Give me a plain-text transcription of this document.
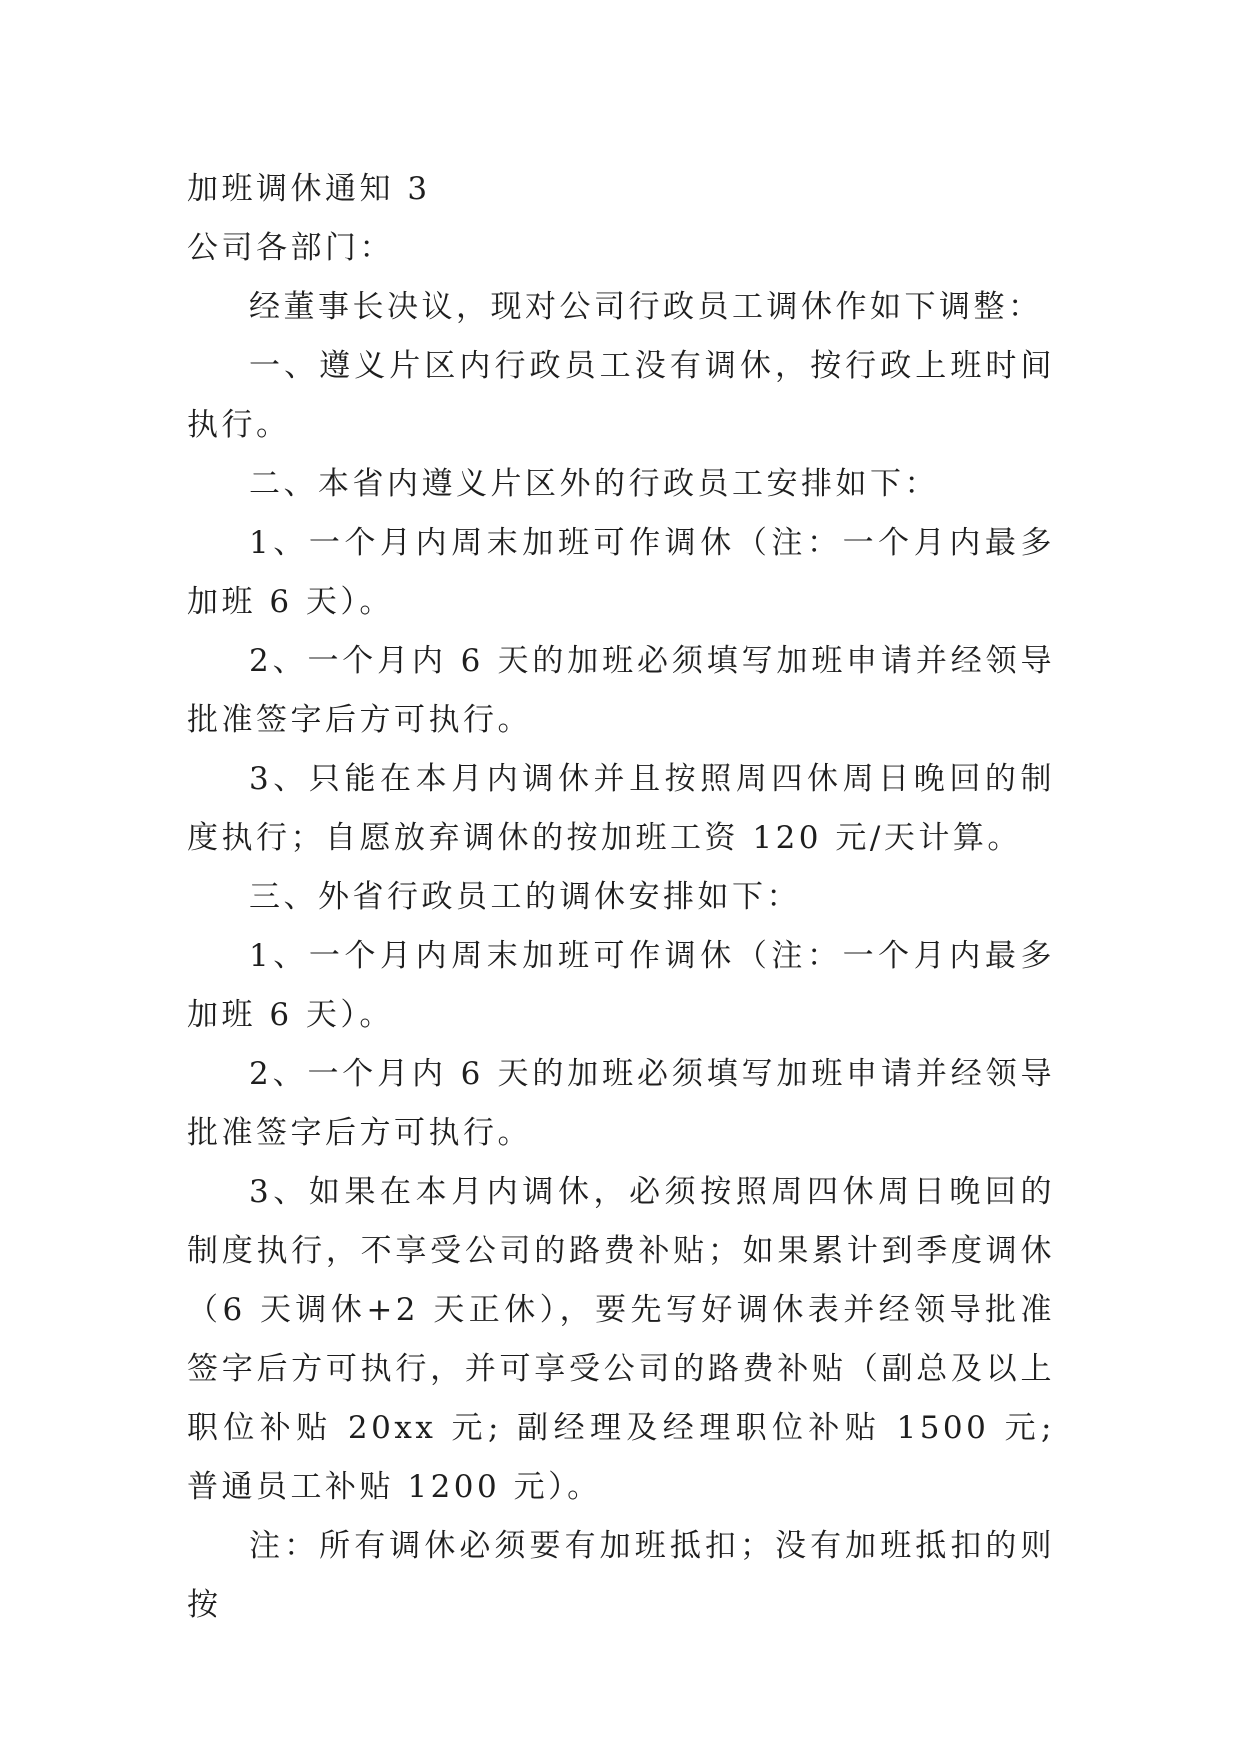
加班调休通知 3

公司各部门：

经董事长决议，现对公司行政员工调休作如下调整：

一、遵义片区内行政员工没有调休，按行政上班时间执行。

二、本省内遵义片区外的行政员工安排如下：

1、一个月内周末加班可作调休（注：一个月内最多加班 6 天）。

2、一个月内 6 天的加班必须填写加班申请并经领导批准签字后方可执行。

3、只能在本月内调休并且按照周四休周日晚回的制度执行；自愿放弃调休的按加班工资 120 元/天计算。

三、外省行政员工的调休安排如下：

1、一个月内周末加班可作调休（注：一个月内最多加班 6 天）。

2、一个月内 6 天的加班必须填写加班申请并经领导批准签字后方可执行。

3、如果在本月内调休，必须按照周四休周日晚回的制度执行，不享受公司的路费补贴；如果累计到季度调休（6 天调休+2 天正休），要先写好调休表并经领导批准签字后方可执行，并可享受公司的路费补贴（副总及以上职位补贴 20xx 元; 副经理及经理职位补贴 1500 元; 普通员工补贴 1200 元）。

注：所有调休必须要有加班抵扣；没有加班抵扣的则按
